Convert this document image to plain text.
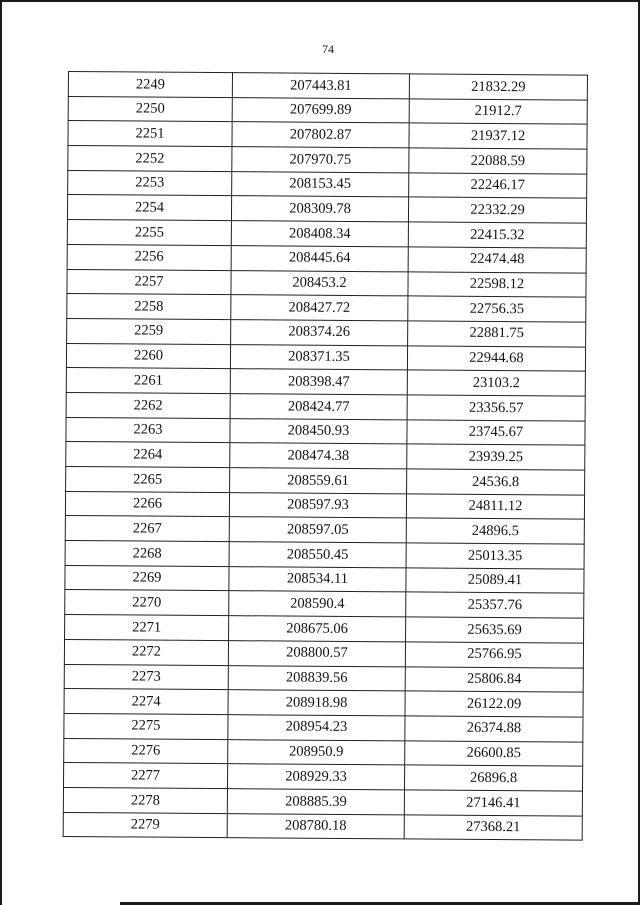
74
2249	207443.81	21832.29
2250	207699.89	21912.7
2251	207802.87	21937.12
2252	207970.75	22088.59
2253	208153.45	22246.17
2254	208309.78	22332.29
2255	208408.34	22415.32
2256	208445.64	22474.48
2257	208453.2	22598.12
2258	208427.72	22756.35
2259	208374.26	22881.75
2260	208371.35	22944.68
2261	208398.47	23103.2
2262	208424.77	23356.57
2263	208450.93	23745.67
2264	208474.38	23939.25
2265	208559.61	24536.8
2266	208597.93	24811.12
2267	208597.05	24896.5
2268	208550.45	25013.35
2269	208534.11	25089.41
2270	208590.4	25357.76
2271	208675.06	25635.69
2272	208800.57	25766.95
2273	208839.56	25806.84
2274	208918.98	26122.09
2275	208954.23	26374.88
2276	208950.9	26600.85
2277	208929.33	26896.8
2278	208885.39	27146.41
2279	208780.18	27368.21
